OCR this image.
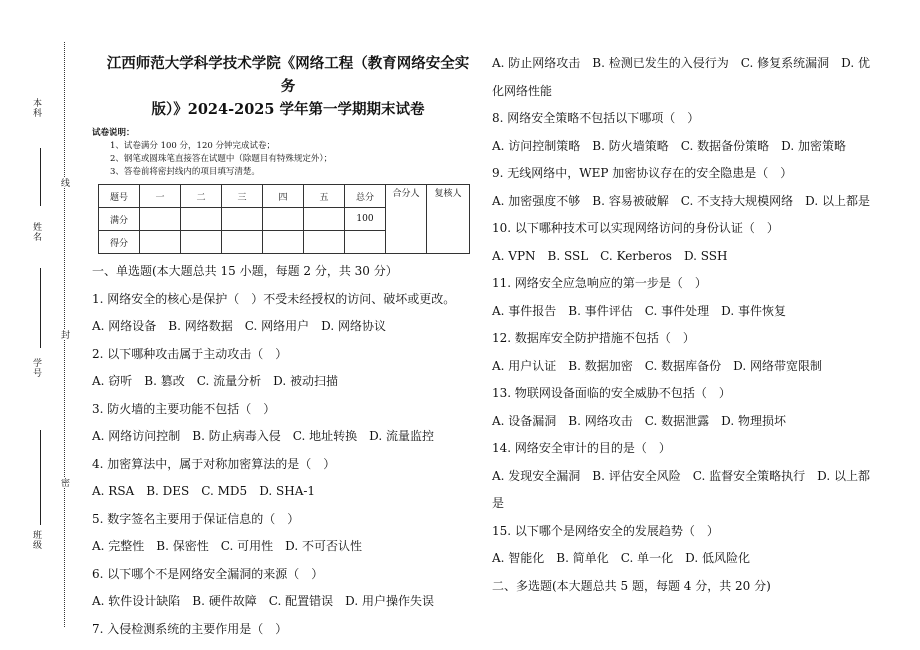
本科
线
姓名
封
学号
密
班级
江西师范大学科学技术学院《网络工程（教育网络安全实务
版）》2024-2025 学年第一学期期末试卷
试卷说明：
1、试卷满分 100 分，120 分钟完成试卷；
2、钢笔或圆珠笔直接答在试题中（除题目有特殊规定外）；
3、答卷前将密封线内的项目填写清楚。
题号	一	二	三	四	五	总分	合分人	复核人
满分						100		
得分								
一、单选题(本大题总共 15 小题，每题 2 分，共 30 分）
1. 网络安全的核心是保护（　）不受未经授权的访问、破坏或更改。
A. 网络设备　B. 网络数据　C. 网络用户　D. 网络协议
2. 以下哪种攻击属于主动攻击（　）
A. 窃听　B. 篡改　C. 流量分析　D. 被动扫描
3. 防火墙的主要功能不包括（　）
A. 网络访问控制　B. 防止病毒入侵　C. 地址转换　D. 流量监控
4. 加密算法中，属于对称加密算法的是（　）
A. RSA　B. DES　C. MD5　D. SHA-1
5. 数字签名主要用于保证信息的（　）
A. 完整性　B. 保密性　C. 可用性　D. 不可否认性
6. 以下哪个不是网络安全漏洞的来源（　）
A. 软件设计缺陷　B. 硬件故障　C. 配置错误　D. 用户操作失误
7. 入侵检测系统的主要作用是（　）
A. 防止网络攻击　B. 检测已发生的入侵行为　C. 修复系统漏洞　D. 优化网络性能
8. 网络安全策略不包括以下哪项（　）
A. 访问控制策略　B. 防火墙策略　C. 数据备份策略　D. 加密策略
9. 无线网络中，WEP 加密协议存在的安全隐患是（　）
A. 加密强度不够　B. 容易被破解　C. 不支持大规模网络　D. 以上都是
10. 以下哪种技术可以实现网络访问的身份认证（　）
A. VPN　B. SSL　C. Kerberos　D. SSH
11. 网络安全应急响应的第一步是（　）
A. 事件报告　B. 事件评估　C. 事件处理　D. 事件恢复
12. 数据库安全防护措施不包括（　）
A. 用户认证　B. 数据加密　C. 数据库备份　D. 网络带宽限制
13. 物联网设备面临的安全威胁不包括（　）
A. 设备漏洞　B. 网络攻击　C. 数据泄露　D. 物理损坏
14. 网络安全审计的目的是（　）
A. 发现安全漏洞　B. 评估安全风险　C. 监督安全策略执行　D. 以上都是
15. 以下哪个是网络安全的发展趋势（　）
A. 智能化　B. 简单化　C. 单一化　D. 低风险化
二、多选题(本大题总共 5 题，每题 4 分，共 20 分)
